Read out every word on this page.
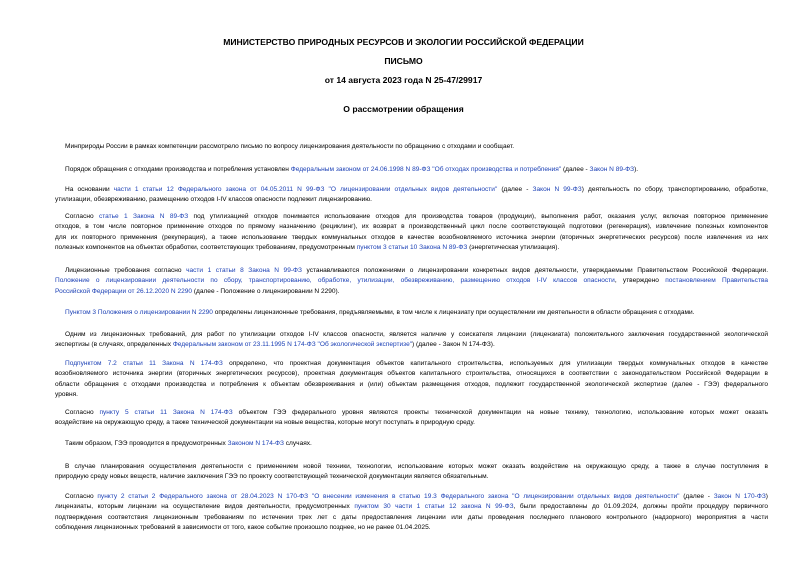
МИНИСТЕРСТВО ПРИРОДНЫХ РЕСУРСОВ И ЭКОЛОГИИ РОССИЙСКОЙ ФЕДЕРАЦИИ
ПИСЬМО
от 14 августа 2023 года N 25-47/29917
О рассмотрении обращения
Минприроды России в рамках компетенции рассмотрело письмо по вопросу лицензирования деятельности по обращению с отходами и сообщает.
Порядок обращения с отходами производства и потребления установлен Федеральным законом от 24.06.1998 N 89-ФЗ "Об отходах производства и потребления" (далее - Закон N 89-ФЗ).
На основании части 1 статьи 12 Федерального закона от 04.05.2011 N 99-ФЗ "О лицензировании отдельных видов деятельности" (далее - Закон N 99-ФЗ) деятельность по сбору, транспортированию, обработке,
утилизации, обезвреживанию, размещению отходов I-IV классов опасности подлежит лицензированию.
Согласно статье 1 Закона N 89-ФЗ под утилизацией отходов понимается использование отходов для производства товаров (продукции), выполнения работ, оказания услуг, включая повторное применение
отходов, в том числе повторное применение отходов по прямому назначению (рециклинг), их возврат в производственный цикл после соответствующей подготовки (регенерация), извлечение полезных компонентов
для их повторного применения (рекуперация), а также использование твердых коммунальных отходов в качестве возобновляемого источника энергии (вторичных энергетических ресурсов) после извлечения из них
полезных компонентов на объектах обработки, соответствующих требованиям, предусмотренным пунктом 3 статьи 10 Закона N 89-ФЗ (энергетическая утилизация).
Лицензионные требования согласно части 1 статьи 8 Закона N 99-ФЗ устанавливаются положениями о лицензировании конкретных видов деятельности, утверждаемыми Правительством Российской Федерации.
Положение о лицензировании деятельности по сбору, транспортированию, обработке, утилизации, обезвреживанию, размещению отходов I-IV классов опасности, утверждено постановлением Правительства
Российской Федерации от 26.12.2020 N 2290 (далее - Положение о лицензировании N 2290).
Пунктом 3 Положения о лицензировании N 2290 определены лицензионные требования, предъявляемыми, в том числе к лицензиату при осуществлении им деятельности в области обращения с отходами.
Одним из лицензионных требований, для работ по утилизации отходов I-IV классов опасности, является наличие у соискателя лицензии (лицензиата) положительного заключения государственной экологической
экспертизы (в случаях, определенных Федеральным законом от 23.11.1995 N 174-ФЗ "Об экологической экспертизе") (далее - Закон N 174-ФЗ).
Подпунктом 7.2 статьи 11 Закона N 174-ФЗ определено, что проектная документация объектов капитального строительства, используемых для утилизации твердых коммунальных отходов в качестве
возобновляемого источника энергии (вторичных энергетических ресурсов), проектная документация объектов капитального строительства, относящихся в соответствии с законодательством Российской Федерации в
области обращения с отходами производства и потребления к объектам обезвреживания и (или) объектам размещения отходов, подлежит государственной экологической экспертизе (далее - ГЭЭ) федерального
уровня.
Согласно пункту 5 статьи 11 Закона N 174-ФЗ объектом ГЭЭ федерального уровня являются проекты технической документации на новые технику, технологию, использование которых может оказать
воздействие на окружающую среду, а также технической документации на новые вещества, которые могут поступать в природную среду.
Таким образом, ГЭЭ проводится в предусмотренных Законом N 174-ФЗ случаях.
В случае планирования осуществления деятельности с применением новой техники, технологии, использование которых может оказать воздействие на окружающую среду, а также в случае поступления в
природную среду новых веществ, наличие заключения ГЭЭ по проекту соответствующей технической документации является обязательным.
Согласно пункту 2 статьи 2 Федерального закона от 28.04.2023 N 170-ФЗ "О внесении изменения в статью 19.3 Федерального закона "О лицензировании отдельных видов деятельности" (далее - Закон N 170-ФЗ)
лицензиаты, которым лицензии на осуществление видов деятельности, предусмотренных пунктом 30 части 1 статьи 12 закона N 99-ФЗ, были предоставлены до 01.09.2024, должны пройти процедуру первичного
подтверждения соответствия лицензионным требованиям по истечении трех лет с даты предоставления лицензии или даты проведения последнего планового контрольного (надзорного) мероприятия в части
соблюдения лицензионных требований в зависимости от того, какое событие произошло позднее, но не ранее 01.04.2025.
